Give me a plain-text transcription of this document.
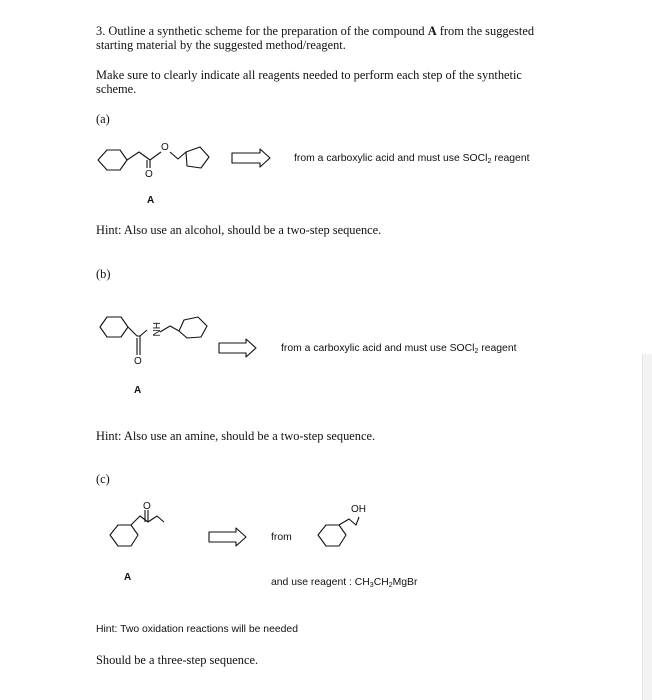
3. Outline a synthetic scheme for the preparation of the compound A from the suggested
starting material by the suggested method/reagent.
Make sure to clearly indicate all reagents needed to perform each step of the synthetic
scheme.
(a)
(b)
(c)
O
O
HN
O
O	OH
from a carboxylic acid and must use SOCl$_2$ reagent
A
Hint: Also use an alcohol, should be a two-step sequence.
from a carboxylic acid and must use SOCl$_2$ reagent
A
Hint: Also use an amine, should be a two-step sequence.
from
A	and use reagent : $CH_3CH_2MgBr$
Hint: Two oxidation reactions will be needed
Should be a three-step sequence.
